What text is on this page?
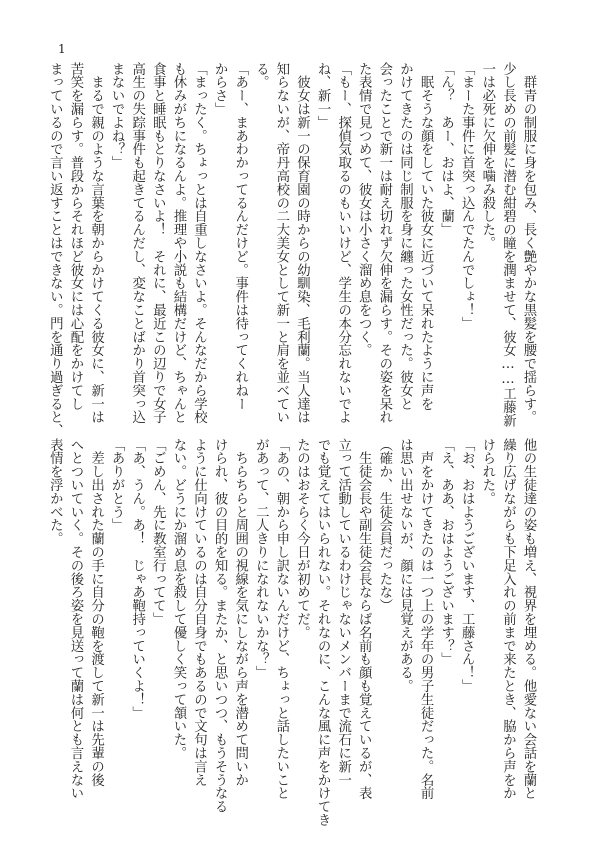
1

　群青の制服に身を包み、長く艶やかな黒髪を腰で揺らす。
少し長めの前髪に潜む紺碧の瞳を潤ませて、彼女……工藤新
一は必死に欠伸を噛み殺した。
「まーた事件に首突っ込んでたんでしょ！」
「ん？　あー、おはよ、蘭」
　眠そうな顔をしていた彼女に近づいて呆れたように声を
かけてきたのは同じ制服を身に纏った女性だった。彼女と
会ったことで新一は耐え切れず欠伸を漏らす。その姿を呆れ
た表情で見つめて、彼女は小さく溜め息をつく。
「もー、探偵気取るのもいいけど、学生の本分忘れないでよ
ね、新一」
　彼女は新一の保育園の時からの幼馴染、毛利蘭。当人達は
知らないが、帝丹高校の二大美女として新一と肩を並べてい
る。
「あー、まあわかってるんだけど。事件は待ってくれねー
からさ」
「まったく。ちょっとは自重しなさいよ。そんなだから学校
も休みがちになるんよ。推理や小説も結構だけど、ちゃんと
食事と睡眠もとりなさいよ！　それに、最近この辺りで女子
高生の失踪事件も起きてるんだし、変なことばかり首突っ込
まないでよね？」
　まるで親のような言葉を朝からかけてくる彼女に、新一は
苦笑を漏らす。普段からそれほど彼女には心配をかけてし
まっているので言い返すことはできない。門を通り過ぎると、
他の生徒達の姿も増え、視界を埋める。他愛ない会話を蘭と
繰り広げながらも下足入れの前まで来たとき、脇から声をか
けられた。
「お、おはようございます、工藤さん！」
「え、ああ、おはようございます？」
　声をかけてきたのは一つ上の学年の男子生徒だった。名前
は思い出せないが、顔には見覚えがある。
（確か、生徒会員だったな）
　生徒会長や副生徒会長ならば名前も顔も覚えているが、表
立って活動しているわけじゃないメンバーまで流石に新一
でも覚えてはいられない。それなのに、こんな風に声をかけてき
たのはおそらく今日が初めてだ。
「あの、朝から申し訳ないんだけど、ちょっと話したいこと
があって、二人きりになれないかな？」
　ちらちらと周囲の視線を気にしながら声を潜めて問いか
けられ、彼の目的を知る。またか、と思いつつ、もうそうなる
ように仕向けているのは自分自身でもあるので文句は言え
ない。どうにか溜め息を殺して優しく笑って頷いた。
「ごめん、先に教室行ってて」
「あ、うん。あ！　じゃあ鞄持っていくよ！」
「ありがとう」
　差し出された蘭の手に自分の鞄を渡して新一は先輩の後
へとついていく。その後ろ姿を見送って蘭は何とも言えない
表情を浮かべた。
